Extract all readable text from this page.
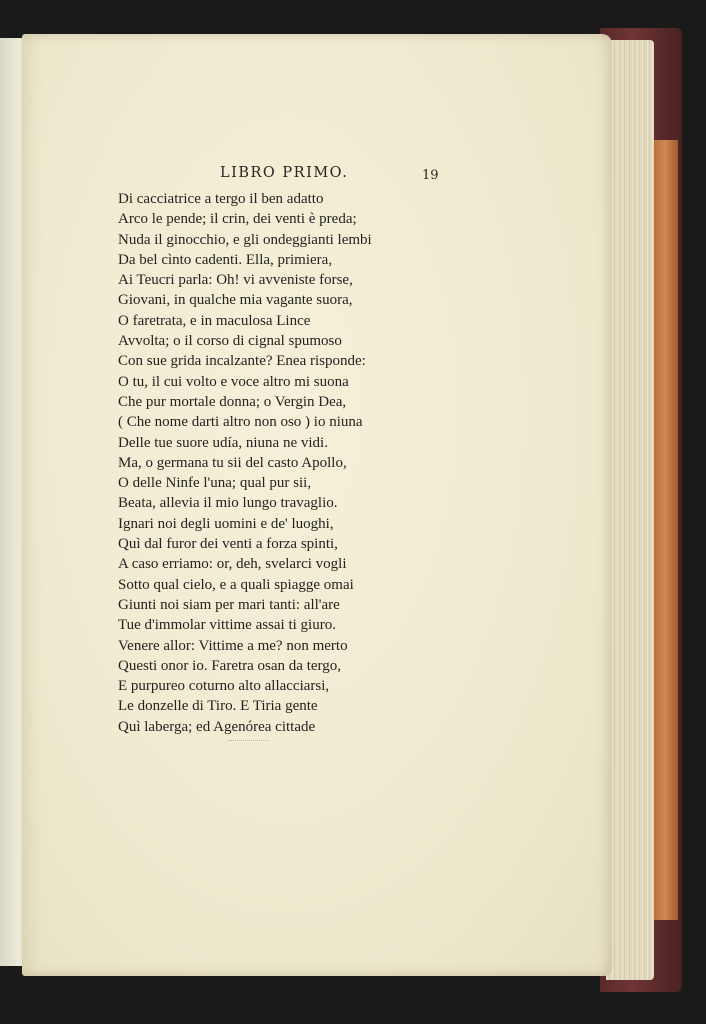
LIBRO PRIMO.	19
Di cacciatrice a tergo il ben adatto
Arco le pende; il crin, dei venti è preda;
Nuda il ginocchio, e gli ondeggianti lembi
Da bel cìnto cadenti. Ella, primiera,
Ai Teucri parla: Oh! vi avveniste forse,
Giovani, in qualche mia vagante suora,
O faretrata, e in maculosa Lince
Avvolta; o il corso di cignal spumoso
Con sue grida incalzante? Enea risponde:
O tu, il cui volto e voce altro mi suona
Che pur mortale donna; o Vergin Dea,
( Che nome darti altro non oso ) io niuna
Delle tue suore udía, niuna ne vidi.
Ma, o germana tu sii del casto Apollo,
O delle Ninfe l'una; qual pur sii,
Beata, allevia il mio lungo travaglio.
Ignari noi degli uomini e de' luoghi,
Quì dal furor dei venti a forza spinti,
A caso erriamo: or, deh, svelarci vogli
Sotto qual cielo, e a quali spiagge omai
Giunti noi siam per mari tanti: all'are
Tue d'immolar vittime assai ti giuro.
Venere allor: Vittime a me? non merto
Questi onor io. Faretra osan da tergo,
E purpureo coturno alto allacciarsi,
Le donzelle di Tiro. E Tiria gente
Quì laberga; ed Agenórea cittade
